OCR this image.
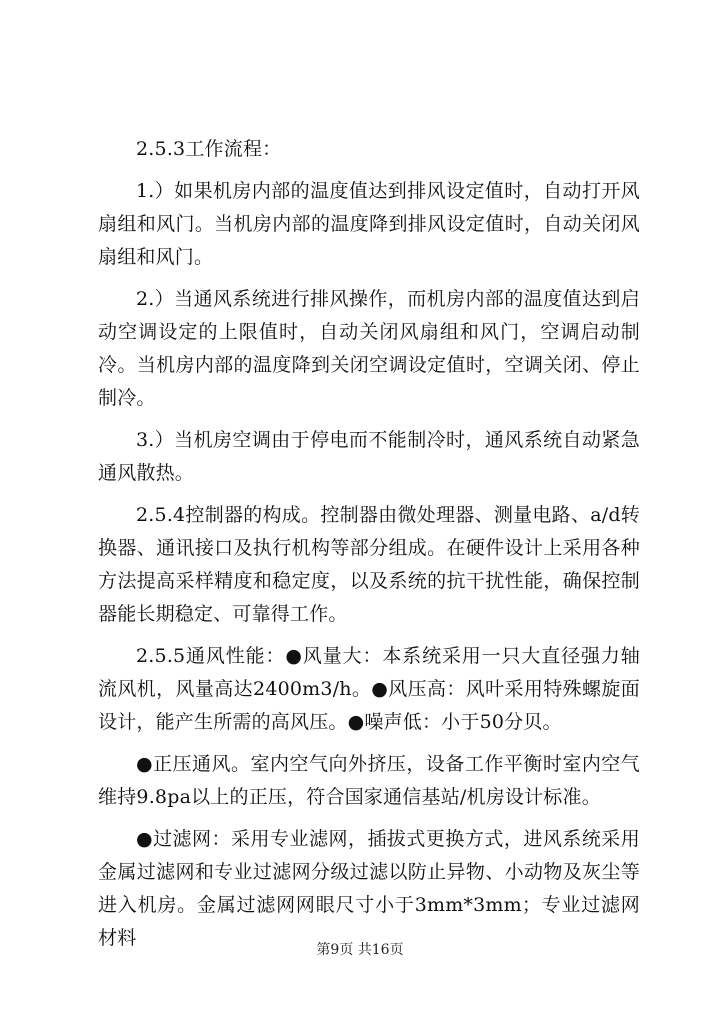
2.5.3工作流程：

1.）如果机房内部的温度值达到排风设定值时，自动打开风扇组和风门。当机房内部的温度降到排风设定值时，自动关闭风扇组和风门。

2.）当通风系统进行排风操作，而机房内部的温度值达到启动空调设定的上限值时，自动关闭风扇组和风门，空调启动制冷。当机房内部的温度降到关闭空调设定值时，空调关闭、停止制冷。

3.）当机房空调由于停电而不能制冷时，通风系统自动紧急通风散热。

2.5.4控制器的构成。控制器由微处理器、测量电路、a/d转换器、通讯接口及执行机构等部分组成。在硬件设计上采用各种方法提高采样精度和稳定度，以及系统的抗干扰性能，确保控制器能长期稳定、可靠得工作。

2.5.5通风性能：●风量大：本系统采用一只大直径强力轴流风机，风量高达2400m3/h。●风压高：风叶采用特殊螺旋面设计，能产生所需的高风压。●噪声低：小于50分贝。

●正压通风。室内空气向外挤压，设备工作平衡时室内空气维持9.8pa以上的正压，符合国家通信基站/机房设计标准。

●过滤网：采用专业滤网，插拔式更换方式，进风系统采用金属过滤网和专业过滤网分级过滤以防止异物、小动物及灰尘等进入机房。金属过滤网网眼尺寸小于3mm*3mm；专业过滤网材料

第9页 共16页
